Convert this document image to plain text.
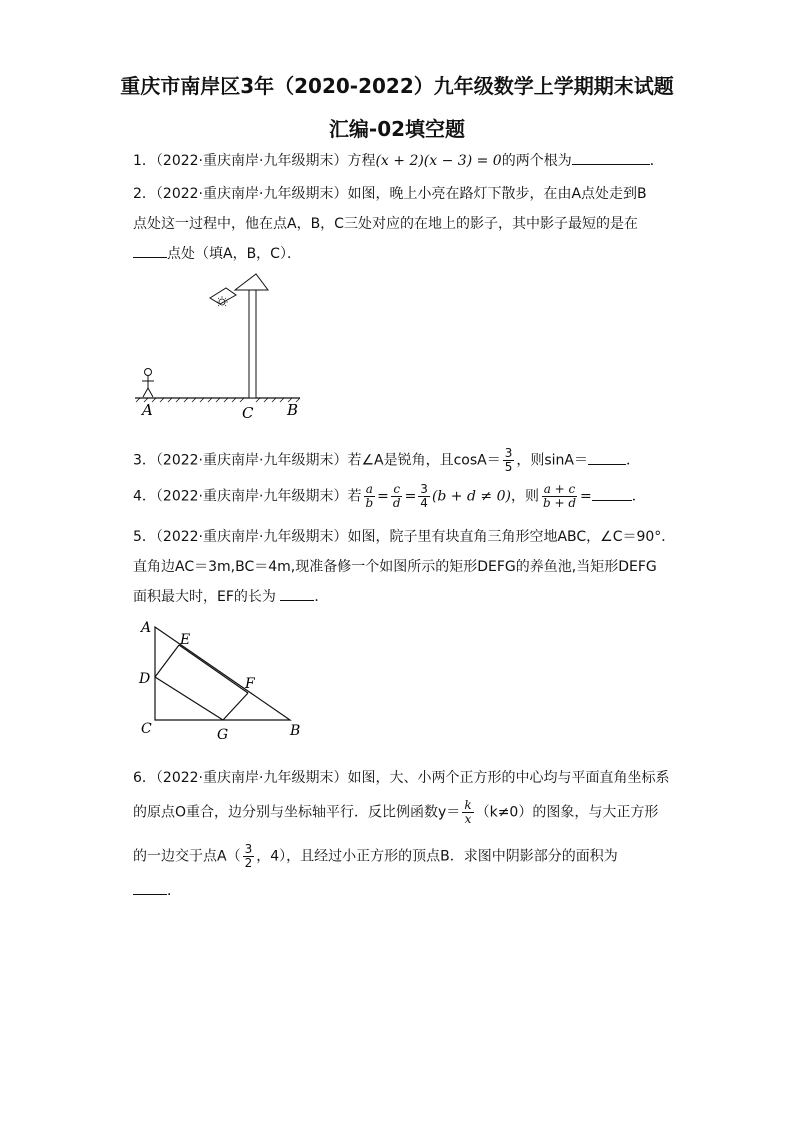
重庆市南岸区3年（2020-2022）九年级数学上学期期末试题
汇编-02填空题
1．（2022·重庆南岸·九年级期末）方程(x + 2)(x − 3) = 0的两个根为	．
2．（2022·重庆南岸·九年级期末）如图，晚上小亮在路灯下散步，在由A点处走到B
点处这一过程中，他在点A，B，C三处对应的在地上的影子，其中影子最短的是在
点处（填A，B，C）．
A	C B
3．（2022·重庆南岸·九年级期末）若∠A是锐角，且$\cos A= \frac{3}{5}$ ，则sinA＝	．
4．（2022·重庆南岸·九年级期末）若 $\frac{a}{b} = \frac{c}{d} = \frac{3}{4} (b + d \ne 0)$，则 $\frac{a + c}{b + d}$ =	．
5．（2022·重庆南岸·九年级期末）如图，院子里有块直角三角形空地ABC，∠C＝90°．
直角边AC＝3m,BC＝4m,现准备修一个如图所示的矩形DEFG的养鱼池,当矩形DEFG
面积最大时，EF的长为	．
A
E
D	F
C	G	B
6．（2022·重庆南岸·九年级期末）如图，大、小两个正方形的中心均与平面直角坐标系
的原点O重合，边分别与坐标轴平行．反比例函数$y= \frac{k}{x} (k\ne 0)$的图象，与大正方形
的一边交于点$A( \frac{3}{2}$ ，4），且经过小正方形的顶点B．求图中阴影部分的面积为
．
